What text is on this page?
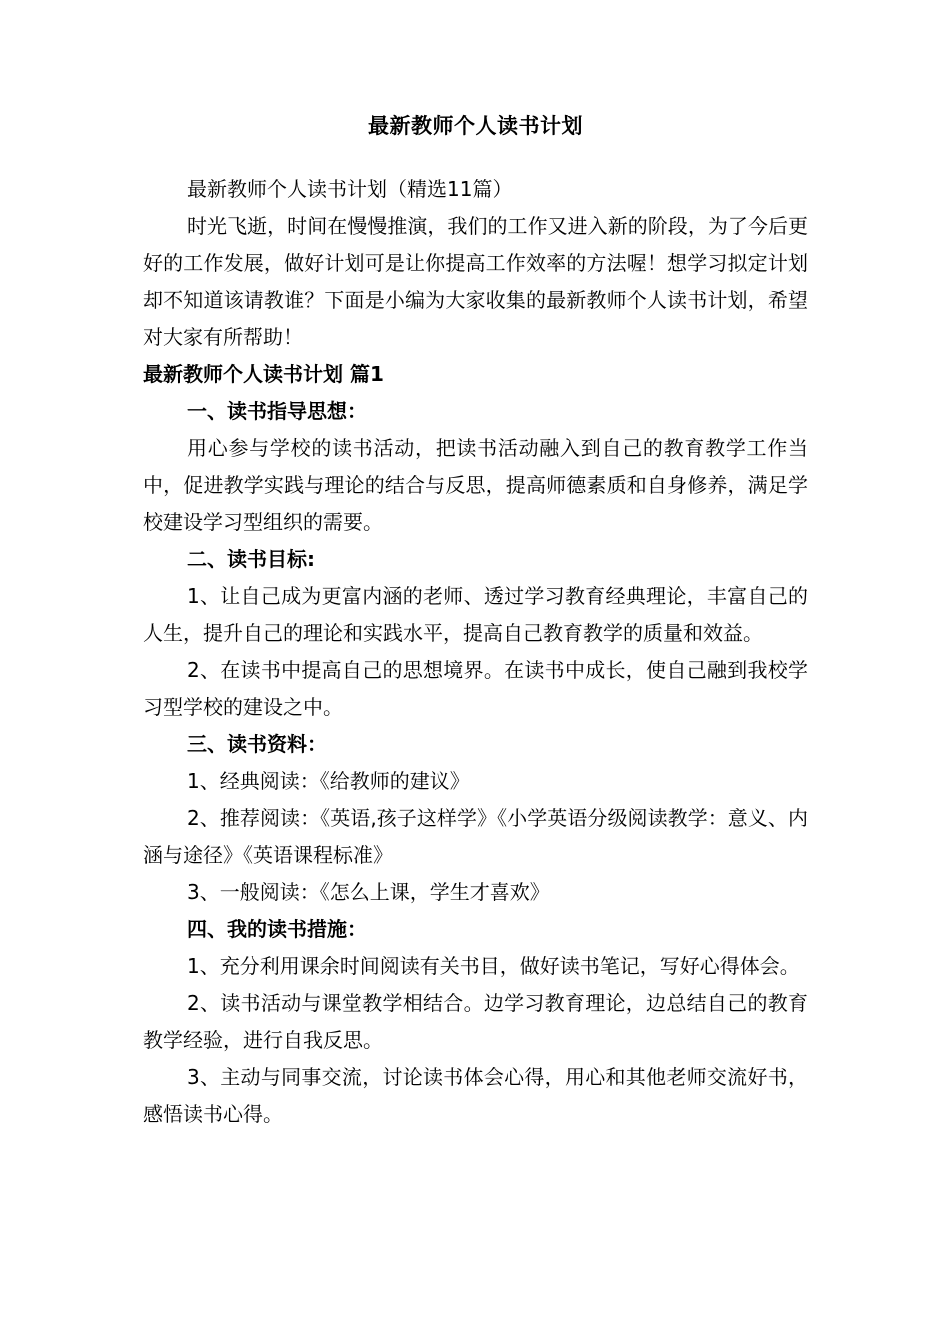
最新教师个人读书计划

最新教师个人读书计划（精选11篇）

时光飞逝，时间在慢慢推演，我们的工作又进入新的阶段，为了今后更好的工作发展，做好计划可是让你提高工作效率的方法喔！想学习拟定计划却不知道该请教谁？下面是小编为大家收集的最新教师个人读书计划，希望对大家有所帮助！

最新教师个人读书计划 篇1

一、读书指导思想：

用心参与学校的读书活动，把读书活动融入到自己的教育教学工作当中，促进教学实践与理论的结合与反思，提高师德素质和自身修养，满足学校建设学习型组织的需要。

二、读书目标:

1、让自己成为更富内涵的老师、透过学习教育经典理论，丰富自己的人生，提升自己的理论和实践水平，提高自己教育教学的质量和效益。

2、在读书中提高自己的思想境界。在读书中成长，使自己融到我校学习型学校的建设之中。

三、读书资料：

1、经典阅读：《给教师的建议》

2、推荐阅读：《英语,孩子这样学》《小学英语分级阅读教学：意义、内涵与途径》《英语课程标准》

3、一般阅读：《怎么上课，学生才喜欢》

四、我的读书措施：

1、充分利用课余时间阅读有关书目，做好读书笔记，写好心得体会。

2、读书活动与课堂教学相结合。边学习教育理论，边总结自己的教育教学经验，进行自我反思。

3、主动与同事交流，讨论读书体会心得，用心和其他老师交流好书，感悟读书心得。
